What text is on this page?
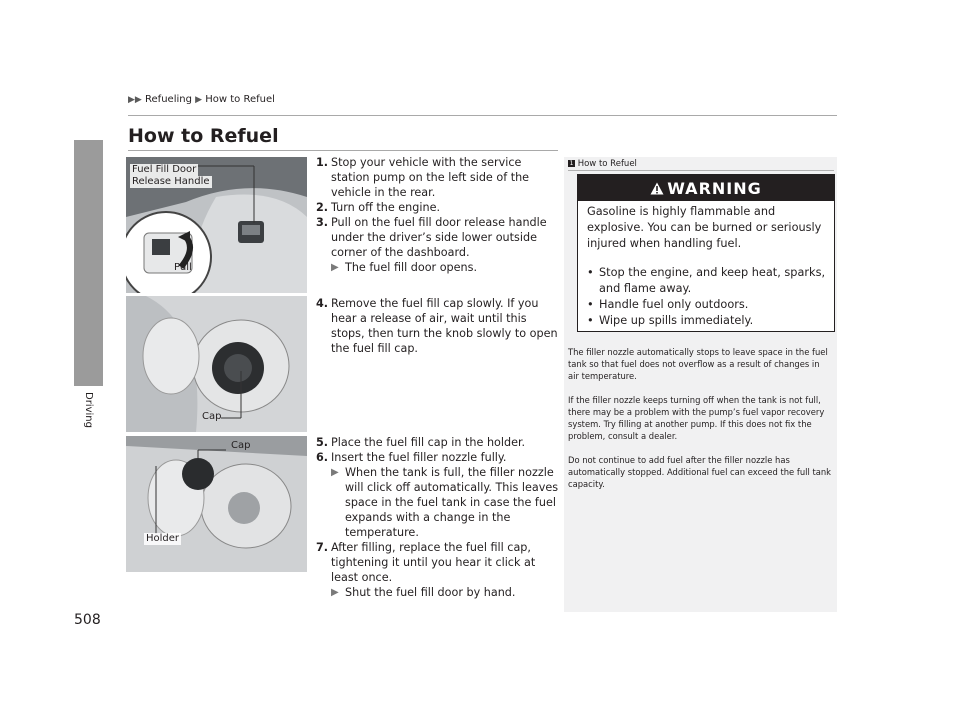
▶▶ Refueling ▶ How to Refuel
Driving
508
How to Refuel
Fuel Fill Door
Release Handle
Pull
Cap
Cap
Holder
1. Stop your vehicle with the service station pump on the left side of the vehicle in the rear.
2. Turn off the engine.
3. Pull on the fuel fill door release handle under the driver’s side lower outside corner of the dashboard.
▶ The fuel fill door opens.
4. Remove the fuel fill cap slowly. If you hear a release of air, wait until this stops, then turn the knob slowly to open the fuel fill cap.
5. Place the fuel fill cap in the holder.
6. Insert the fuel filler nozzle fully.
▶ When the tank is full, the filler nozzle will click off automatically. This leaves space in the fuel tank in case the fuel expands with a change in the temperature.
7. After filling, replace the fuel fill cap, tightening it until you hear it click at least once.
▶ Shut the fuel fill door by hand.
1 How to Refuel
WARNING
Gasoline is highly flammable and explosive. You can be burned or seriously injured when handling fuel.
• Stop the engine, and keep heat, sparks, and flame away.
• Handle fuel only outdoors.
• Wipe up spills immediately.

The filler nozzle automatically stops to leave space in the fuel tank so that fuel does not overflow as a result of changes in air temperature.

If the filler nozzle keeps turning off when the tank is not full, there may be a problem with the pump’s fuel vapor recovery system. Try filling at another pump. If this does not fix the problem, consult a dealer.

Do not continue to add fuel after the filler nozzle has automatically stopped. Additional fuel can exceed the full tank capacity.
